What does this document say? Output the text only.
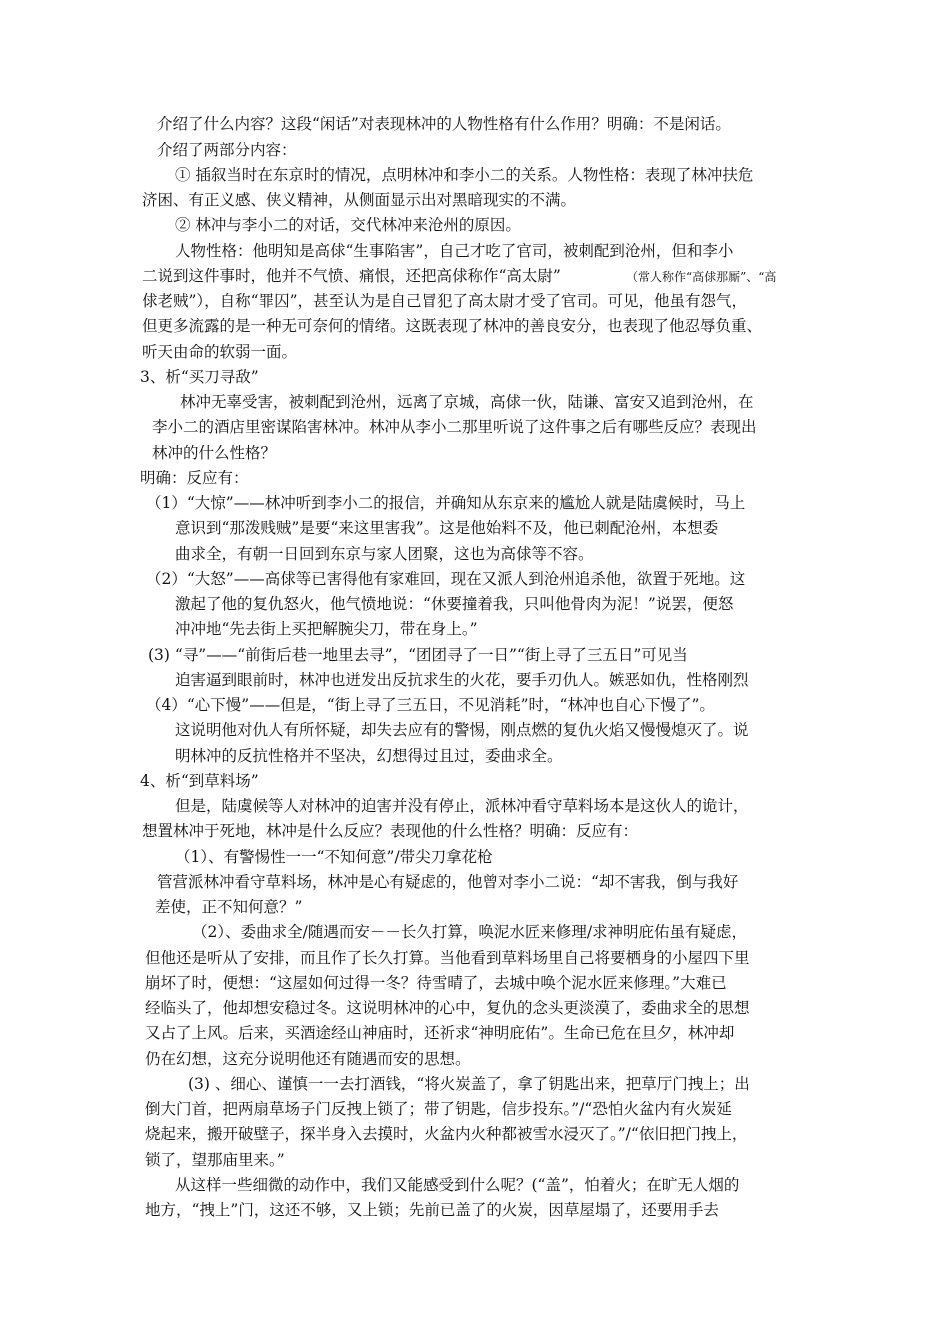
介绍了什么内容？这段“闲话”对表现林冲的人物性格有什么作用？明确：不是闲话。

介绍了两部分内容：

① 插叙当时在东京时的情况，点明林冲和李小二的关系。人物性格：表现了林冲扶危

济困、有正义感、侠义精神，从侧面显示出对黑暗现实的不满。

② 林冲与李小二的对话，交代林冲来沧州的原因。

人物性格：他明知是高俅“生事陷害”，自己才吃了官司，被刺配到沧州，但和李小

二说到这件事时，他并不气愤、痛恨，还把高俅称作“高太尉”	（常人称作“高俅那厮”、“高

俅老贼”），自称“罪囚”，甚至认为是自己冒犯了高太尉才受了官司。可见，他虽有怨气，

但更多流露的是一种无可奈何的情绪。这既表现了林冲的善良安分，也表现了他忍辱负重、

听天由命的软弱一面。

3、析“买刀寻敌”

林冲无辜受害，被刺配到沧州，远离了京城，高俅一伙，陆谦、富安又追到沧州，在

李小二的酒店里密谋陷害林冲。林冲从李小二那里听说了这件事之后有哪些反应？表现出

林冲的什么性格？

明确：反应有：

（1）“大惊”——林冲听到李小二的报信，并确知从东京来的尴尬人就是陆虞候时，马上

意识到“那泼贱贼”是要“来这里害我”。这是他始料不及，他已刺配沧州，本想委

曲求全，有朝一日回到东京与家人团聚，这也为高俅等不容。

（2）“大怒”——高俅等已害得他有家难回，现在又派人到沧州追杀他，欲置于死地。这

激起了他的复仇怒火，他气愤地说：“休要撞着我，只叫他骨肉为泥！”说罢，便怒

冲冲地“先去街上买把解腕尖刀，带在身上。”

(3) “寻”——“前街后巷一地里去寻”，“团团寻了一日”“街上寻了三五日”可见当

迫害逼到眼前时，林冲也迸发出反抗求生的火花，要手刃仇人。嫉恶如仇，性格刚烈

（4）“心下慢”——但是，“街上寻了三五日，不见消耗”时，“林冲也自心下慢了”。

这说明他对仇人有所怀疑，却失去应有的警惕，刚点燃的复仇火焰又慢慢熄灭了。说

明林冲的反抗性格并不坚决，幻想得过且过，委曲求全。

4、析“到草料场”

但是，陆虞候等人对林冲的迫害并没有停止，派林冲看守草料场本是这伙人的诡计，

想置林冲于死地，林冲是什么反应？表现他的什么性格？明确：反应有：

（1）、有警惕性一一“不知何意”/带尖刀拿花枪

管营派林冲看守草料场，林冲是心有疑虑的，他曾对李小二说：“却不害我，倒与我好

差使，正不知何意？”

（2）、委曲求全/随遇而安－－长久打算，唤泥水匠来修理/求神明庇佑虽有疑虑，

但他还是听从了安排，而且作了长久打算。当他看到草料场里自己将要栖身的小屋四下里

崩坏了时，便想：“这屋如何过得一冬？待雪晴了，去城中唤个泥水匠来修理。”大难已

经临头了，他却想安稳过冬。这说明林冲的心中，复仇的念头更淡漠了，委曲求全的思想

又占了上风。后来，买酒途经山神庙时，还祈求“神明庇佑”。生命已危在旦夕，林冲却

仍在幻想，这充分说明他还有随遇而安的思想。

(3) 、细心、谨慎一一去打酒钱，“将火炭盖了，拿了钥匙出来，把草厅门拽上；出

倒大门首，把两扇草场子门反拽上锁了；带了钥匙，信步投东。”/“恐怕火盆内有火炭延

烧起来，搬开破壁子，探半身入去摸时，火盆内火种都被雪水浸灭了。”/“依旧把门拽上，

锁了，望那庙里来。”

从这样一些细微的动作中，我们又能感受到什么呢？(“盖”，怕着火；在旷无人烟的

地方，“拽上”门，这还不够，又上锁；先前已盖了的火炭，因草屋塌了，还要用手去
